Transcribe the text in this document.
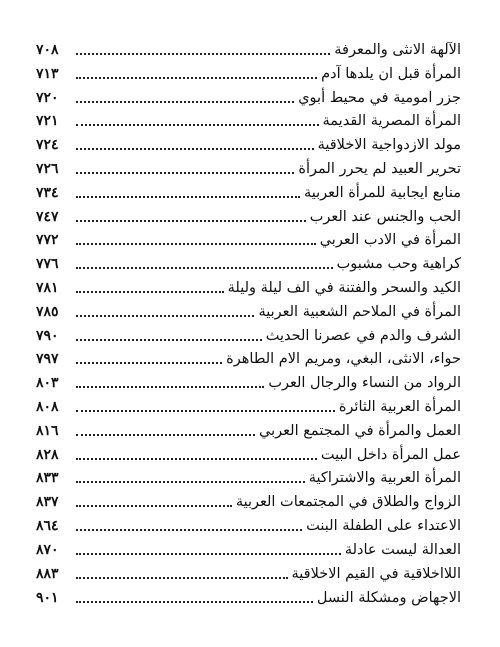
الآلهة الانثى والمعرفة
٧٠٨
المرأة قبل ان يلدها آدم
٧١٣
جزر امومية في محيط أبوي
٧٢٠
المرأة المصرية القديمة
٧٢١
مولد الازدواجية الاخلاقية
٧٢٤
تحرير العبيد لم يحرر المرأة
٧٢٦
منابع ايجابية للمرأة العربية
٧٣٤
الحب والجنس عند العرب
٧٤٧
المرأة في الادب العربي
٧٧٢
كراهية وحب مشبوب
٧٧٦
الكيد والسحر والفتنة في الف ليلة وليلة
٧٨١
المرأة في الملاحم الشعبية العربية
٧٨٥
الشرف والدم في عصرنا الحديث
٧٩٠
حواء، الانثى، البغي، ومريم الام الطاهرة
٧٩٧
الرواد من النساء والرجال العرب
٨٠٣
المرأة العربية الثائرة
٨٠٨
العمل والمرأة في المجتمع العربي
٨١٦
عمل المرأة داخل البيت
٨٢٨
المرأة العربية والاشتراكية
٨٣٣
الزواج والطلاق في المجتمعات العربية
٨٣٧
الاعتداء على الطفلة البنت
٨٦٤
العدالة ليست عادلة
٨٧٠
اللااخلاقية في القيم الاخلاقية
٨٨٣
الاجهاض ومشكلة النسل
٩٠١
